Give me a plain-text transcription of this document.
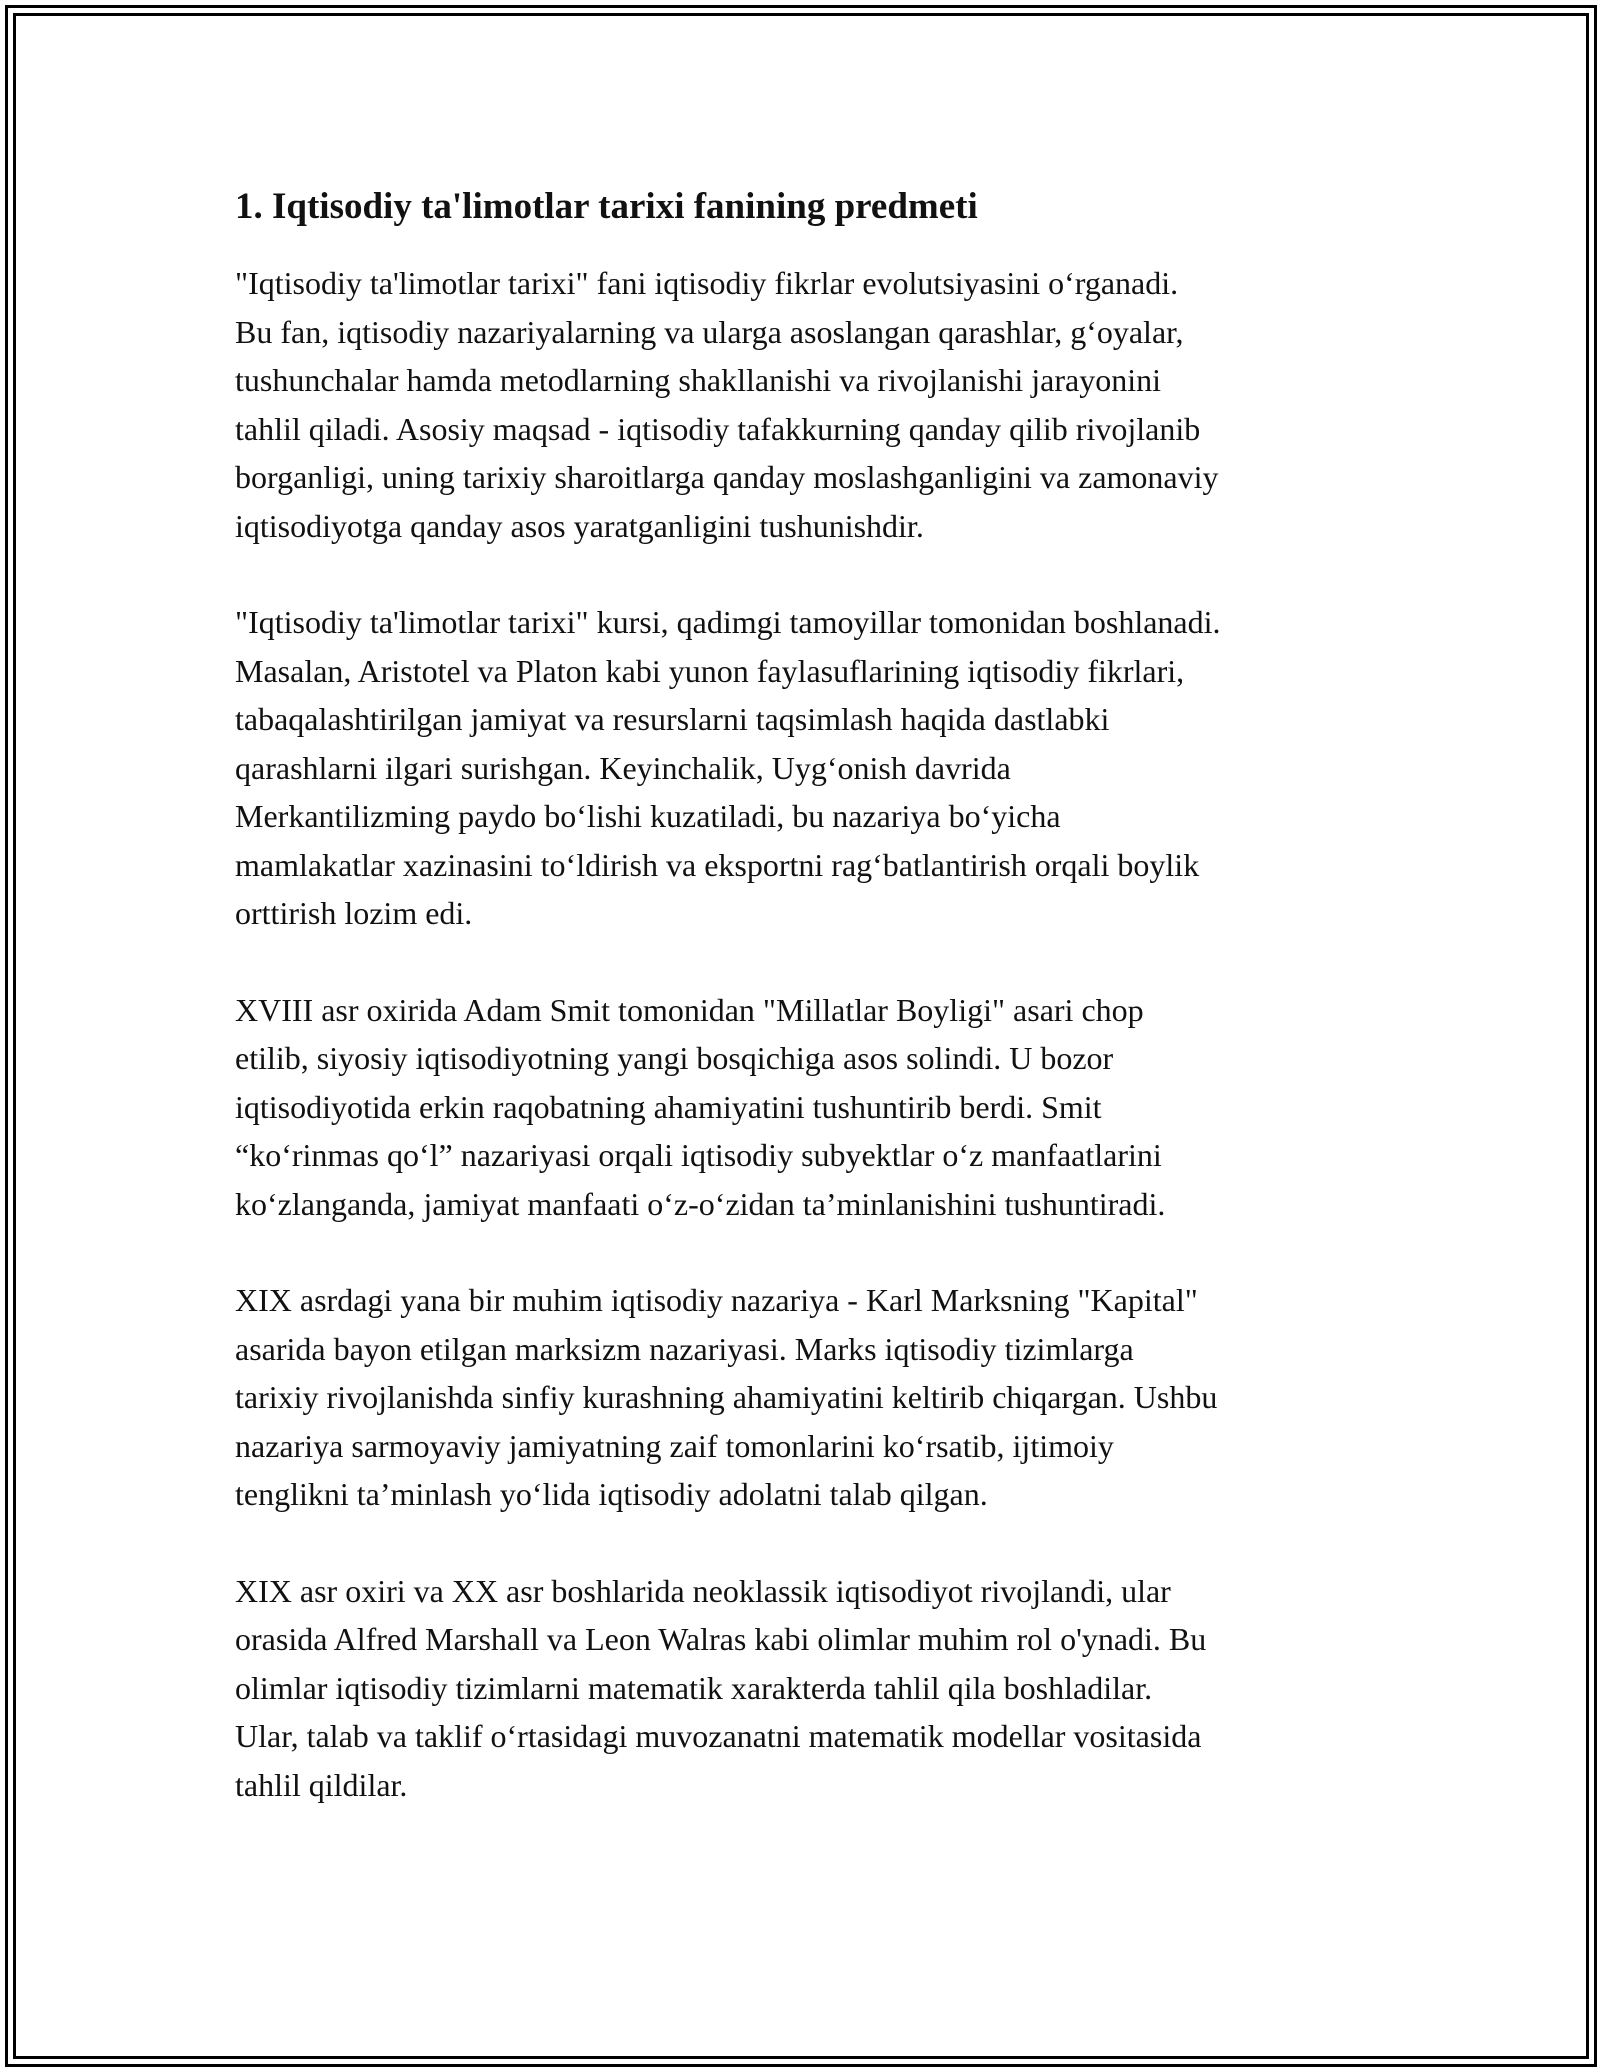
1. Iqtisodiy ta'limotlar tarixi fanining predmeti

"Iqtisodiy ta'limotlar tarixi" fani iqtisodiy fikrlar evolutsiyasini o‘rganadi.
Bu fan, iqtisodiy nazariyalarning va ularga asoslangan qarashlar, g‘oyalar,
tushunchalar hamda metodlarning shakllanishi va rivojlanishi jarayonini
tahlil qiladi. Asosiy maqsad - iqtisodiy tafakkurning qanday qilib rivojlanib
borganligi, uning tarixiy sharoitlarga qanday moslashganligini va zamonaviy
iqtisodiyotga qanday asos yaratganligini tushunishdir.

"Iqtisodiy ta'limotlar tarixi" kursi, qadimgi tamoyillar tomonidan boshlanadi.
Masalan, Aristotel va Platon kabi yunon faylasuflarining iqtisodiy fikrlari,
tabaqalashtirilgan jamiyat va resurslarni taqsimlash haqida dastlabki
qarashlarni ilgari surishgan. Keyinchalik, Uyg‘onish davrida
Merkantilizming paydo bo‘lishi kuzatiladi, bu nazariya bo‘yicha
mamlakatlar xazinasini to‘ldirish va eksportni rag‘batlantirish orqali boylik
orttirish lozim edi.

XVIII asr oxirida Adam Smit tomonidan "Millatlar Boyligi" asari chop
etilib, siyosiy iqtisodiyotning yangi bosqichiga asos solindi. U bozor
iqtisodiyotida erkin raqobatning ahamiyatini tushuntirib berdi. Smit
“ko‘rinmas qo‘l” nazariyasi orqali iqtisodiy subyektlar o‘z manfaatlarini
ko‘zlanganda, jamiyat manfaati o‘z-o‘zidan ta’minlanishini tushuntiradi.

XIX asrdagi yana bir muhim iqtisodiy nazariya - Karl Marksning "Kapital"
asarida bayon etilgan marksizm nazariyasi. Marks iqtisodiy tizimlarga
tarixiy rivojlanishda sinfiy kurashning ahamiyatini keltirib chiqargan. Ushbu
nazariya sarmoyaviy jamiyatning zaif tomonlarini ko‘rsatib, ijtimoiy
tenglikni ta’minlash yo‘lida iqtisodiy adolatni talab qilgan.

XIX asr oxiri va XX asr boshlarida neoklassik iqtisodiyot rivojlandi, ular
orasida Alfred Marshall va Leon Walras kabi olimlar muhim rol o'ynadi. Bu
olimlar iqtisodiy tizimlarni matematik xarakterda tahlil qila boshladilar.
Ular, talab va taklif o‘rtasidagi muvozanatni matematik modellar vositasida
tahlil qildilar.
